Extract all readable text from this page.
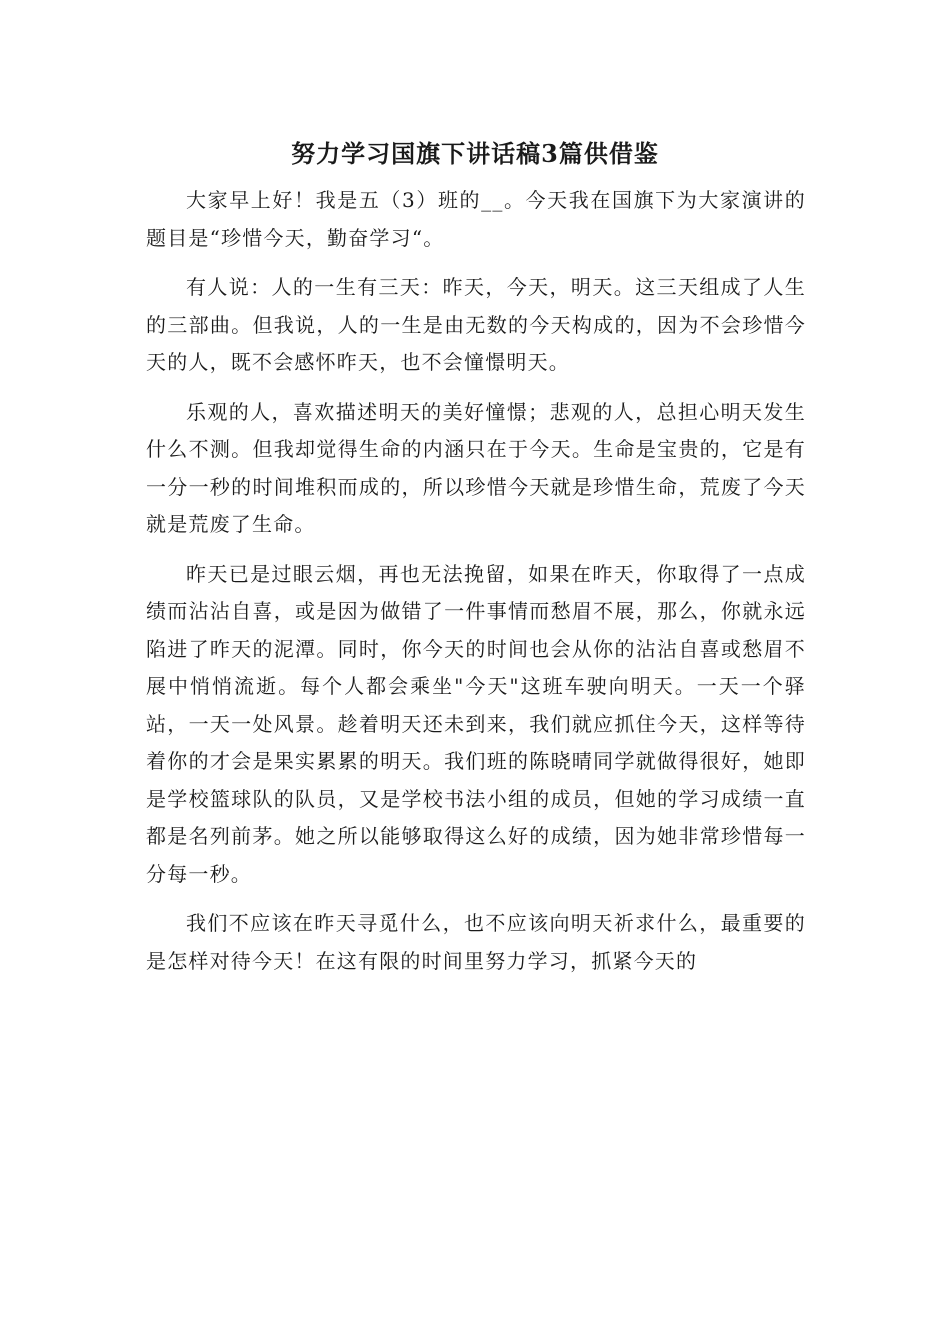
努力学习国旗下讲话稿3篇供借鉴

大家早上好！我是五（3）班的__。今天我在国旗下为大家演讲的题目是“珍惜今天，勤奋学习“。

有人说：人的一生有三天：昨天，今天，明天。这三天组成了人生的三部曲。但我说，人的一生是由无数的今天构成的，因为不会珍惜今天的人，既不会感怀昨天，也不会憧憬明天。

乐观的人，喜欢描述明天的美好憧憬；悲观的人，总担心明天发生什么不测。但我却觉得生命的内涵只在于今天。生命是宝贵的，它是有一分一秒的时间堆积而成的，所以珍惜今天就是珍惜生命，荒废了今天就是荒废了生命。

昨天已是过眼云烟，再也无法挽留，如果在昨天，你取得了一点成绩而沾沾自喜，或是因为做错了一件事情而愁眉不展，那么，你就永远陷进了昨天的泥潭。同时，你今天的时间也会从你的沾沾自喜或愁眉不展中悄悄流逝。每个人都会乘坐"今天"这班车驶向明天。一天一个驿站，一天一处风景。趁着明天还未到来，我们就应抓住今天，这样等待着你的才会是果实累累的明天。我们班的陈晓晴同学就做得很好，她即是学校篮球队的队员，又是学校书法小组的成员，但她的学习成绩一直都是名列前茅。她之所以能够取得这么好的成绩，因为她非常珍惜每一分每一秒。

我们不应该在昨天寻觅什么，也不应该向明天祈求什么，最重要的是怎样对待今天！在这有限的时间里努力学习，抓紧今天的
